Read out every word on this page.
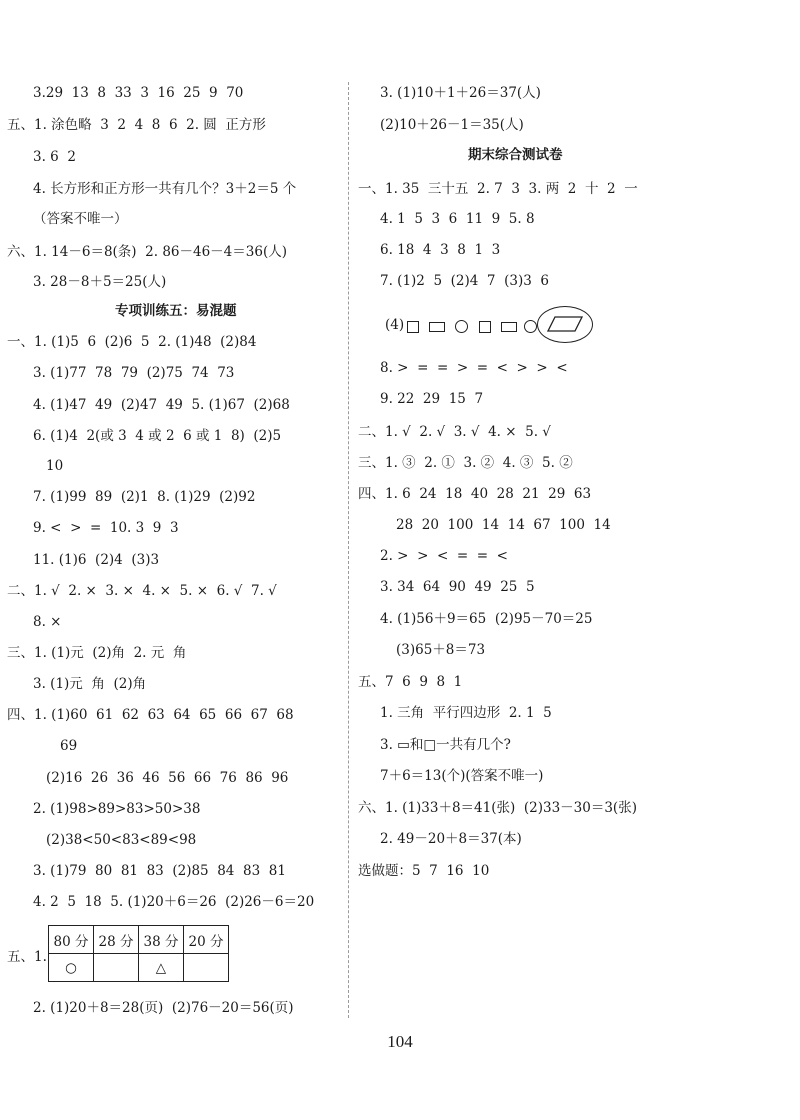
3.29  13  8  33  3  16  25  9  70
五、1. 涂色略  3  2  4  8  6  2. 圆  正方形
3. 6  2
4. 长方形和正方形一共有几个？3＋2＝5 个
（答案不唯一）
六、1. 14－6＝8(条)  2. 86－46－4＝36(人)
3. 28－8＋5＝25(人)
专项训练五：易混题
一、1. (1)5  6  (2)6  5  2. (1)48  (2)84
3. (1)77  78  79  (2)75  74  73
4. (1)47  49  (2)47  49  5. (1)67  (2)68
6. (1)4  2(或 3  4 或 2  6 或 1  8)  (2)5
10
7. (1)99  89  (2)1  8. (1)29  (2)92
9. <  >  =  10. 3  9  3
11. (1)6  (2)4  (3)3
二、1. √  2. ×  3. ×  4. ×  5. ×  6. √  7. √
8. ×
三、1. (1)元  (2)角  2. 元  角
3. (1)元  角  (2)角
四、1. (1)60  61  62  63  64  65  66  67  68
69
(2)16  26  36  46  56  66  76  86  96
2. (1)98>89>83>50>38
(2)38<50<83<89<98
3. (1)79  80  81  83  (2)85  84  83  81
4. 2  5  18  5. (1)20＋6＝26  (2)26－6＝20
五、1.
80 分	28 分	38 分	20 分
○		△	
2. (1)20＋8＝28(页)  (2)76－20＝56(页)
3. (1)10＋1＋26＝37(人)
(2)10＋26－1＝35(人)
期末综合测试卷
一、1. 35  三十五  2. 7  3  3. 两  2  十  2  一
4. 1  5  3  6  11  9  5. 8
6. 18  4  3  8  1  3
7. (1)2  5  (2)4  7  (3)3  6
(4)
8. >  =  =  >  =  <  >  >  <
9. 22  29  15  7
二、1. √  2. √  3. √  4. ×  5. √
三、1. ③  2. ①  3. ②  4. ③  5. ②
四、1. 6  24  18  40  28  21  29  63
28  20  100  14  14  67  100  14
2. >  >  <  =  =  <
3. 34  64  90  49  25  5
4. (1)56＋9＝65  (2)95－70＝25
(3)65＋8＝73
五、7  6  9  8  1
1. 三角  平行四边形  2. 1  5
3. ▭和□一共有几个?
7＋6＝13(个)(答案不唯一)
六、1. (1)33＋8＝41(张)  (2)33－30＝3(张)
2. 49－20＋8＝37(本)
选做题：5  7  16  10
104
